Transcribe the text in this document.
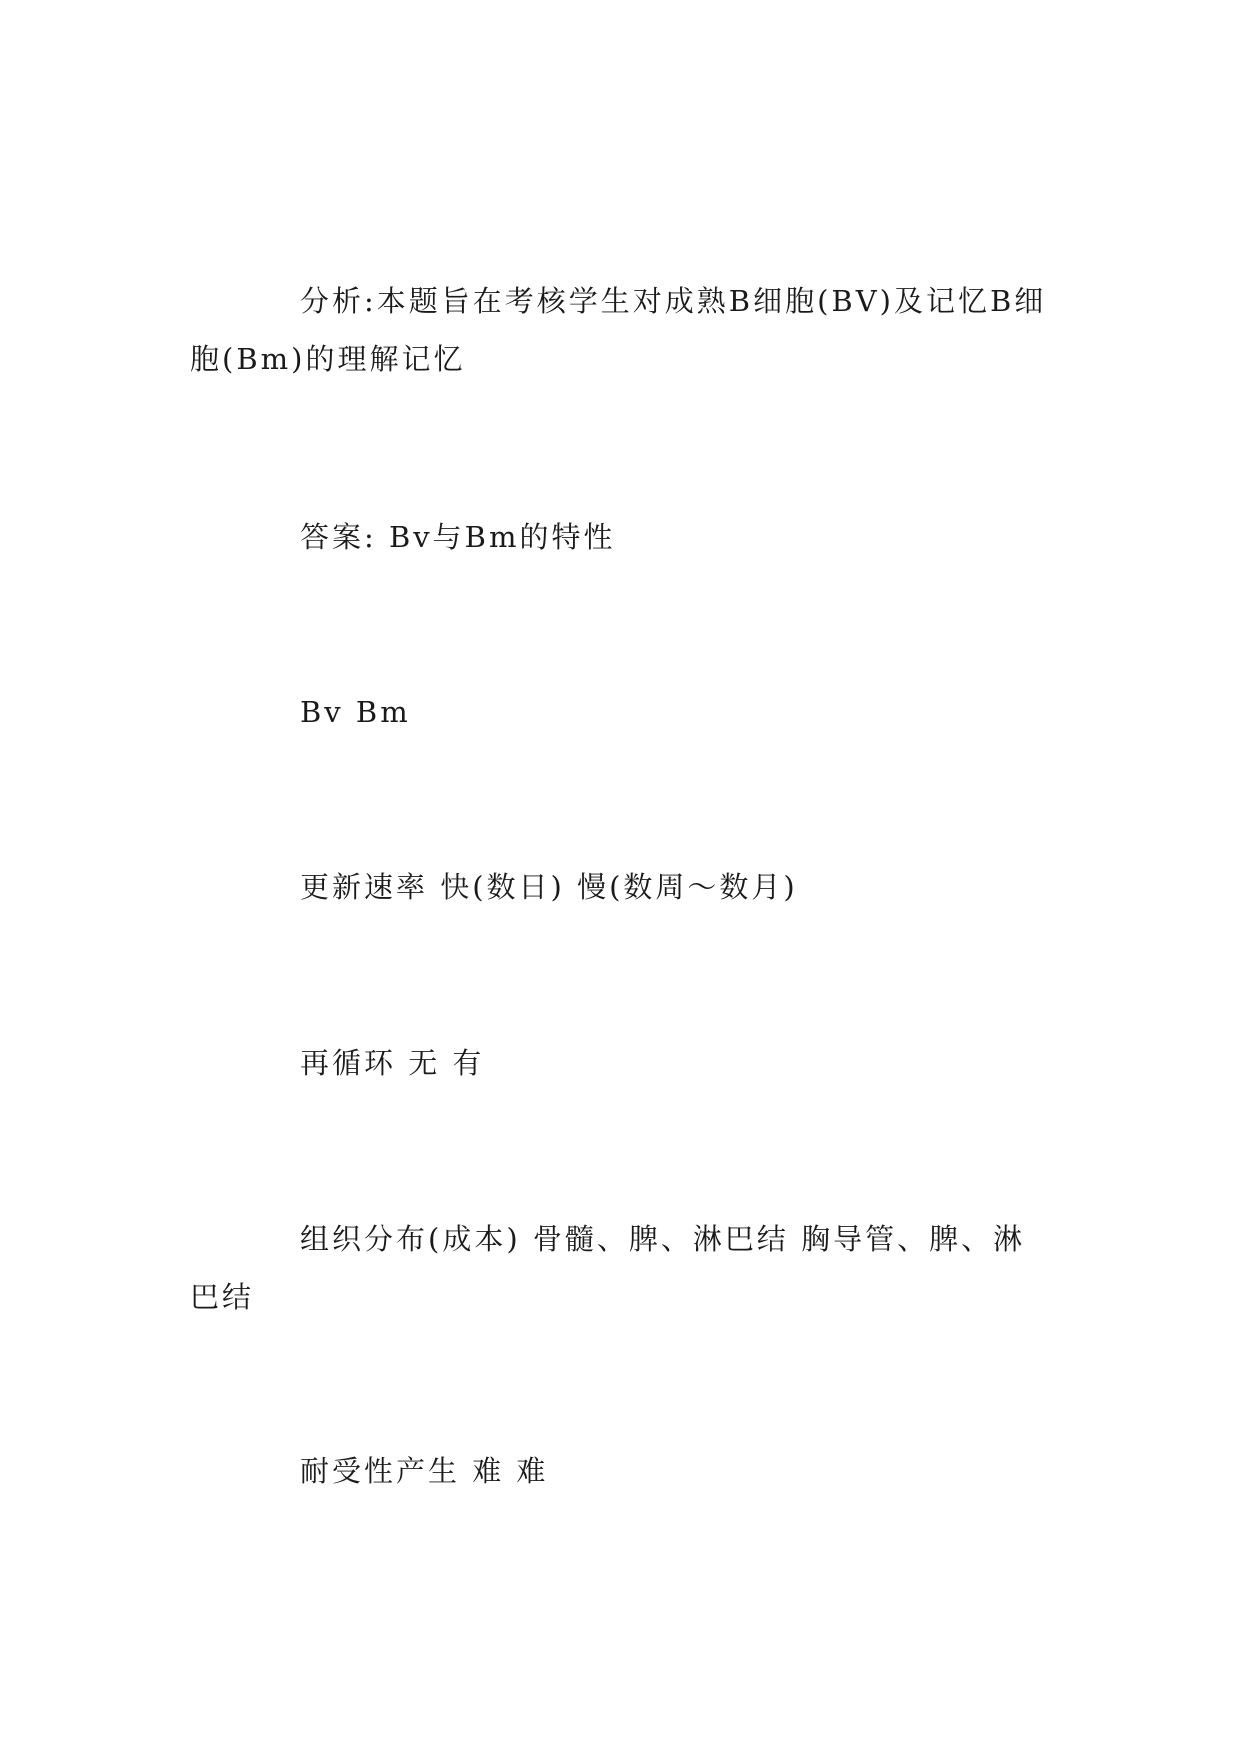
分析:本题旨在考核学生对成熟B细胞(BV)及记忆B细胞(Bm)的理解记忆

答案: Bv与Bm的特性

Bv Bm

更新速率 快(数日) 慢(数周～数月)

再循环 无 有

组织分布(成本) 骨髓、脾、淋巴结 胸导管、脾、淋巴结

耐受性产生 难 难
